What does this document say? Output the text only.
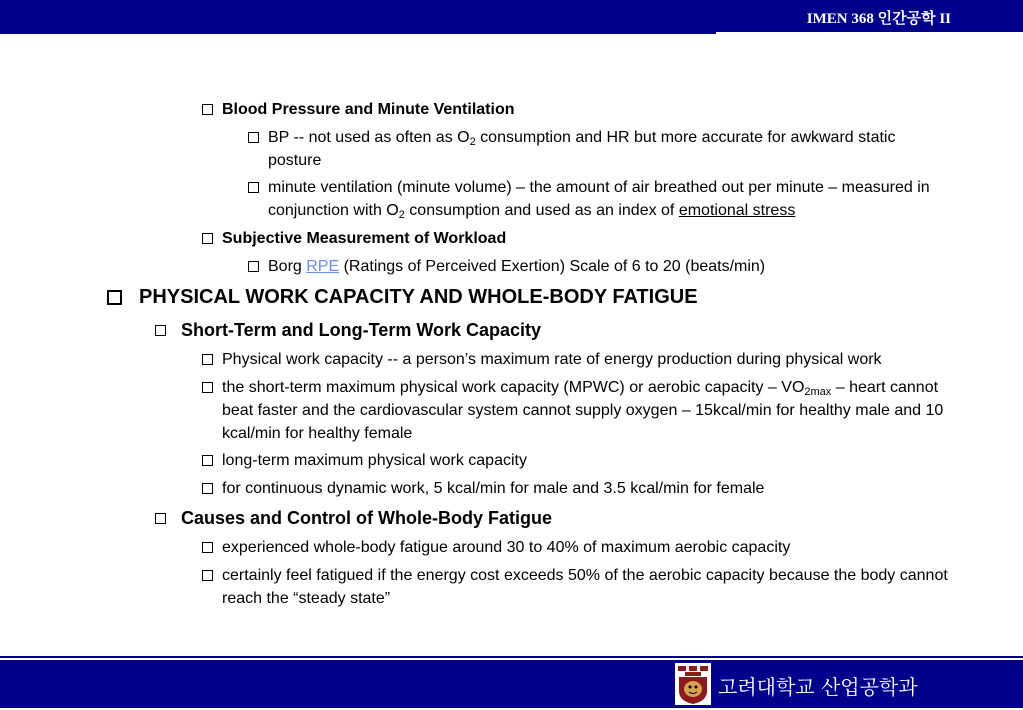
IMEN 368 인간공학 II
Blood Pressure and Minute Ventilation
BP -- not used as often as $O_2$ consumption and HR but more accurate for awkward static posture
minute ventilation (minute volume) – the amount of air breathed out per minute – measured in conjunction with $O_2$ consumption and used as an index of emotional stress
Subjective Measurement of Workload
Borg RPE (Ratings of Perceived Exertion) Scale of 6 to 20 (beats/min)
PHYSICAL WORK CAPACITY AND WHOLE-BODY FATIGUE
Short-Term and Long-Term Work Capacity
Physical work capacity -- a person’s maximum rate of energy production during physical work
the short-term maximum physical work capacity (MPWC) or aerobic capacity – $VO_{2max}$ – heart cannot beat faster and the cardiovascular system cannot supply oxygen – 15kcal/min for healthy male and 10 kcal/min for healthy female
long-term maximum physical work capacity
for continuous dynamic work, 5 kcal/min for male and 3.5 kcal/min for female
Causes and Control of Whole-Body Fatigue
experienced whole-body fatigue around 30 to 40% of maximum aerobic capacity
certainly feel fatigued if the energy cost exceeds 50% of the aerobic capacity because the body cannot reach the “steady state”
고려대학교 산업공학과
